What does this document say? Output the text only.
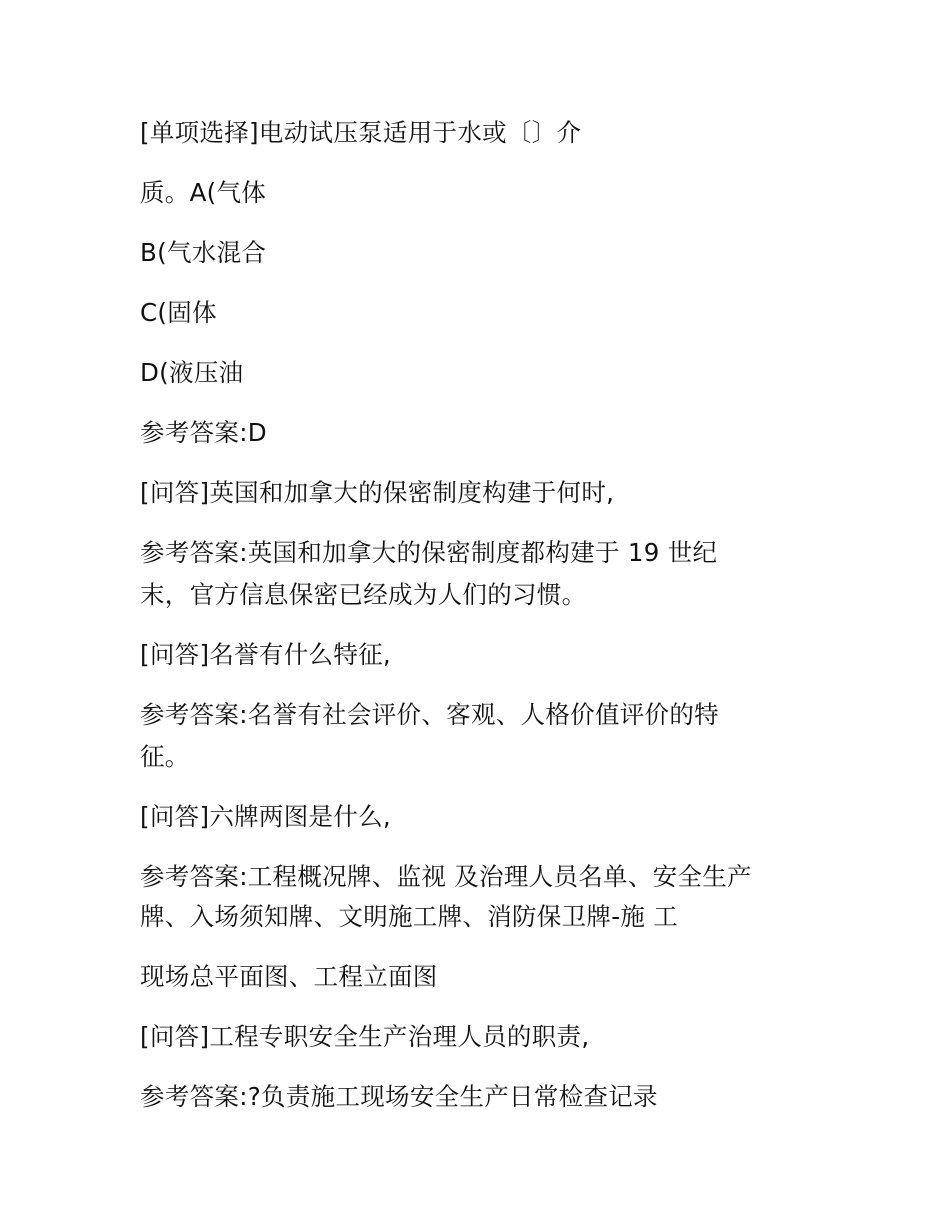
[单项选择]电动试压泵适用于水或〔〕介
质。A(气体
B(气水混合
C(固体
D(液压油
参考答案:D
[问答]英国和加拿大的保密制度构建于何时,
参考答案:英国和加拿大的保密制度都构建于 19 世纪
末，官方信息保密已经成为人们的习惯。
[问答]名誉有什么特征,
参考答案:名誉有社会评价、客观、人格价值评价的特
征。
[问答]六牌两图是什么,
参考答案:工程概况牌、监视 及治理人员名单、安全生产
牌、入场须知牌、文明施工牌、消防保卫牌-施 工
现场总平面图、工程立面图
[问答]工程专职安全生产治理人员的职责,
参考答案:?负责施工现场安全生产日常检查记录
